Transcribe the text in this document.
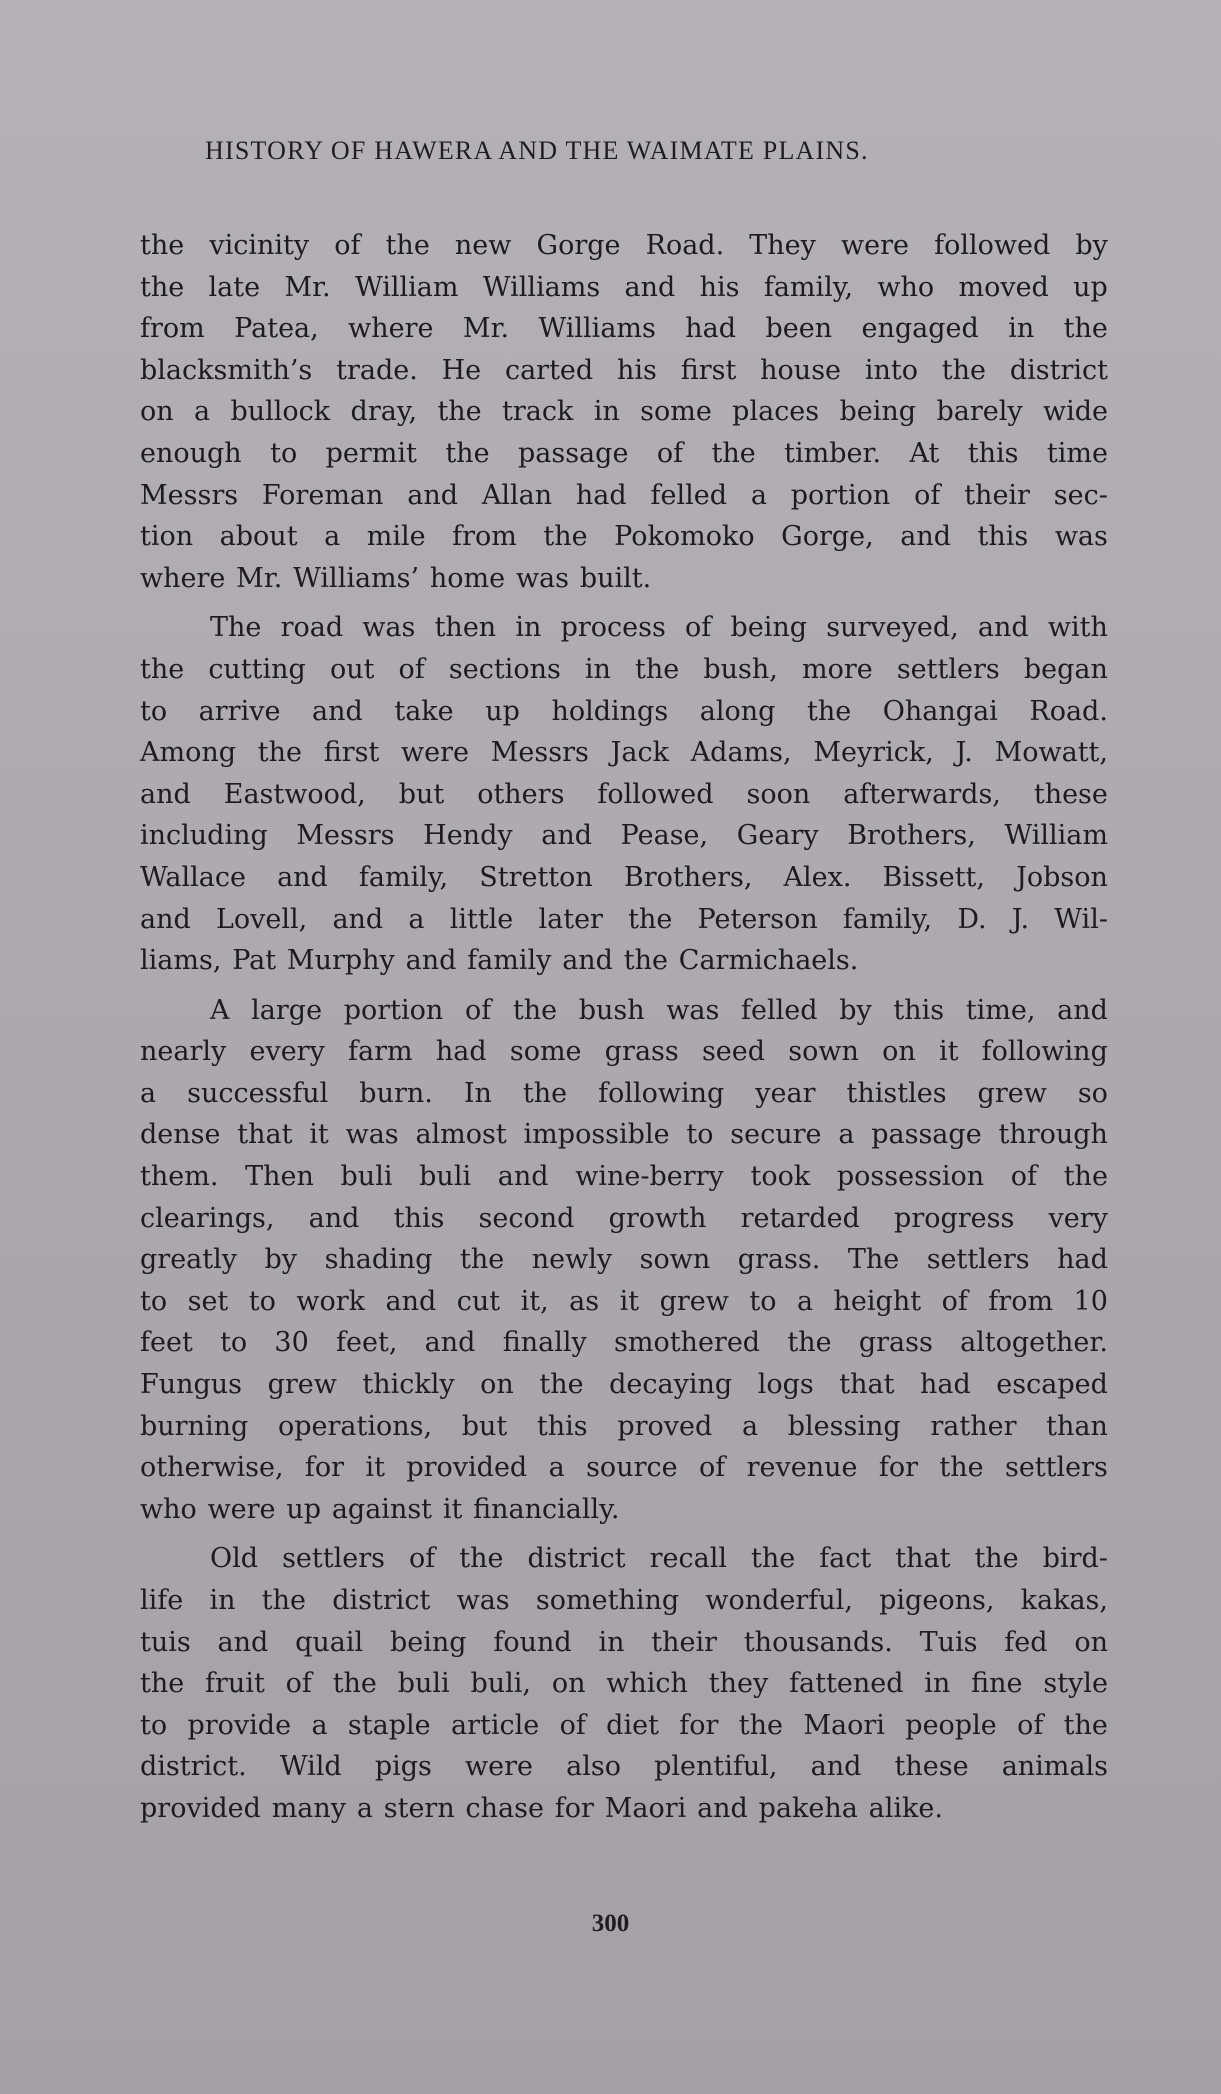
HISTORY OF HAWERA AND THE WAIMATE PLAINS.
the vicinity of the new Gorge Road. They were followed by
the late Mr. William Williams and his family, who moved up
from Patea, where Mr. Williams had been engaged in the
blacksmith’s trade. He carted his first house into the district
on a bullock dray, the track in some places being barely wide
enough to permit the passage of the timber. At this time
Messrs Foreman and Allan had felled a portion of their sec-
tion about a mile from the Pokomoko Gorge, and this was
where Mr. Williams’ home was built.
The road was then in process of being surveyed, and with
the cutting out of sections in the bush, more settlers began
to arrive and take up holdings along the Ohangai Road.
Among the first were Messrs Jack Adams, Meyrick, J. Mowatt,
and Eastwood, but others followed soon afterwards, these
including Messrs Hendy and Pease, Geary Brothers, William
Wallace and family, Stretton Brothers, Alex. Bissett, Jobson
and Lovell, and a little later the Peterson family, D. J. Wil-
liams, Pat Murphy and family and the Carmichaels.
A large portion of the bush was felled by this time, and
nearly every farm had some grass seed sown on it following
a successful burn. In the following year thistles grew so
dense that it was almost impossible to secure a passage through
them. Then buli buli and wine-berry took possession of the
clearings, and this second growth retarded progress very
greatly by shading the newly sown grass. The settlers had
to set to work and cut it, as it grew to a height of from 10
feet to 30 feet, and finally smothered the grass altogether.
Fungus grew thickly on the decaying logs that had escaped
burning operations, but this proved a blessing rather than
otherwise, for it provided a source of revenue for the settlers
who were up against it financially.
Old settlers of the district recall the fact that the bird-
life in the district was something wonderful, pigeons, kakas,
tuis and quail being found in their thousands. Tuis fed on
the fruit of the buli buli, on which they fattened in fine style
to provide a staple article of diet for the Maori people of the
district. Wild pigs were also plentiful, and these animals
provided many a stern chase for Maori and pakeha alike.
300
